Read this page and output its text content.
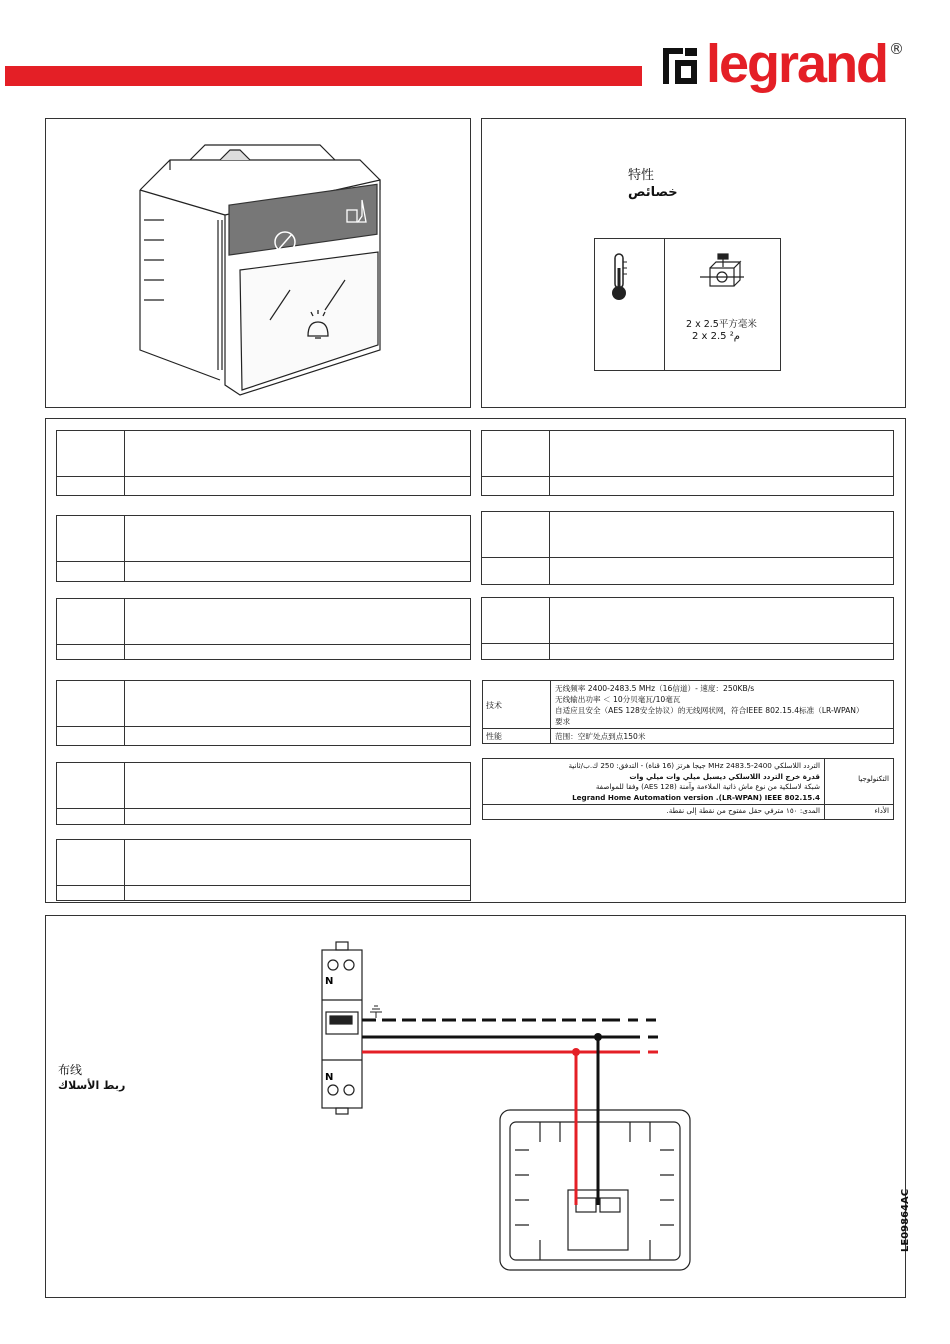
legrand ®
特性
خصائص
2 x 2.5平方毫米
2 x 2.5 م²
技术
无线频率 2400-2483.5 MHz（16信道）- 速度：250KB/s
无线输出功率 ＜ 10分贝毫瓦/10毫瓦
自适应且安全（AES 128安全协议）的无线网状网，符合IEEE 802.15.4标准（LR-WPAN）
要求
性能	范围：空旷处点到点150米
التردد اللاسلكي 2400-2483.5 MHz جيجا هرتز (16 قناة) - التدفق: 250 ك.ب/ثانية
قدرة خرج التردد اللاسلكي ديسبل ميلي وات ميلي وات
شبكة لاسلكية من نوع ماش ذاتية الملاءمة وآمنة (AES 128) وفقا للمواصفة
Legrand Home Automation version .(LR-WPAN) IEEE 802.15.4
التكنولوجيا
المدى: ١٥٠ مترفي حقل مفتوح من نقطة إلى نقطة.	الأداء
布线
ربط الأسلاك
N
N
LE09864AC
